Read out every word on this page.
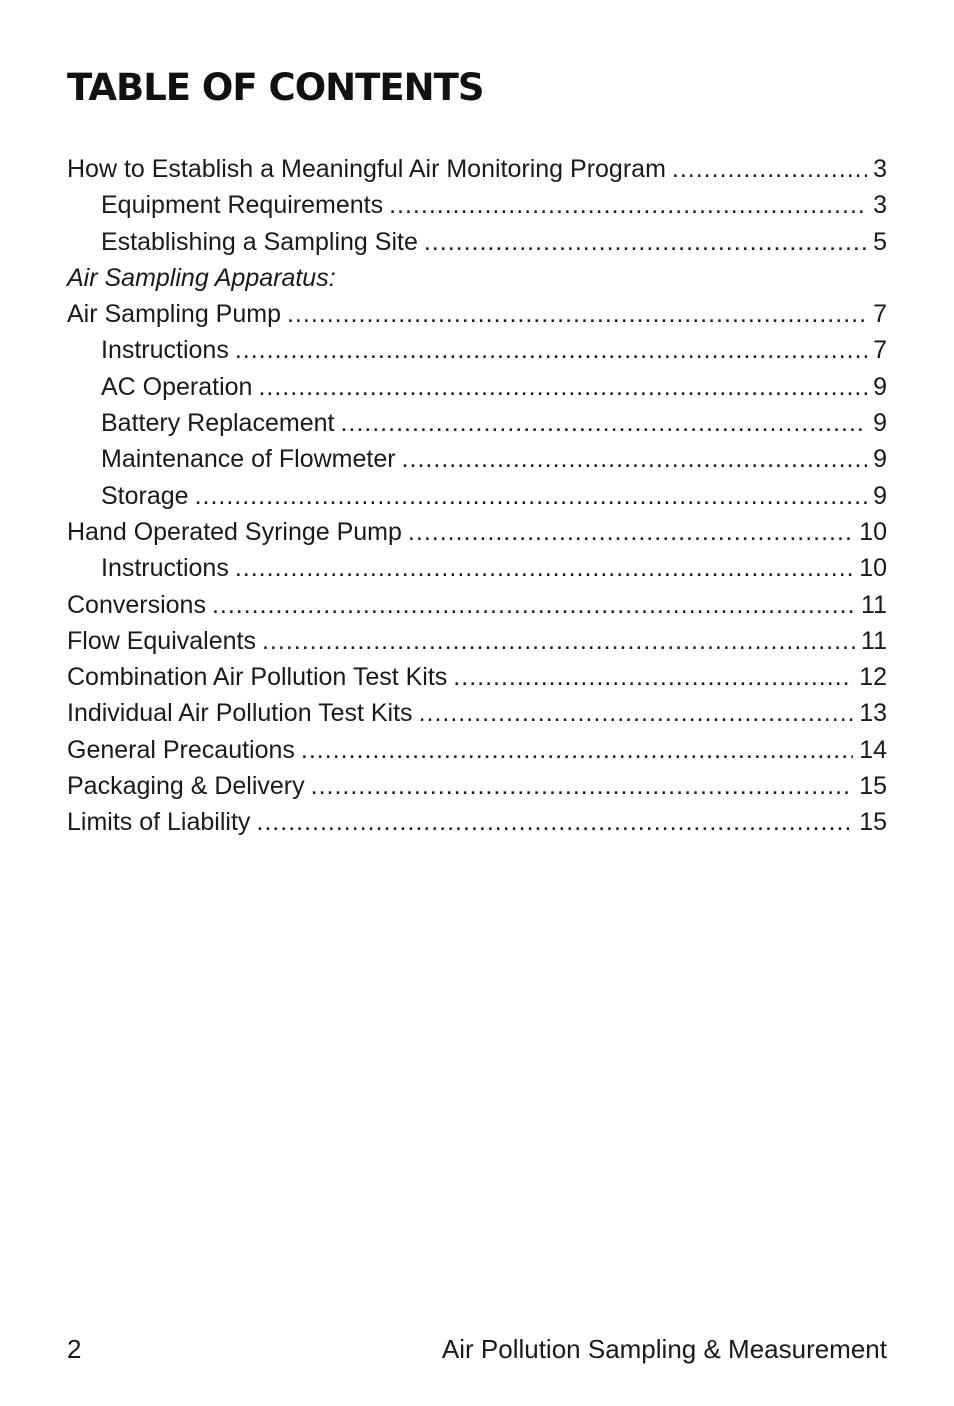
TABLE OF CONTENTS
How to Establish a Meaningful Air Monitoring Program .....	3
Equipment Requirements .....	3
Establishing a Sampling Site .....	5
Air Sampling Apparatus:
Air Sampling Pump .....	7
Instructions .....	7
AC Operation .....	9
Battery Replacement .....	9
Maintenance of Flowmeter .....	9
Storage .....	9
Hand Operated Syringe Pump .....	10
Instructions .....	10
Conversions .....	11
Flow Equivalents .....	11
Combination Air Pollution Test Kits .....	12
Individual Air Pollution Test Kits .....	13
General Precautions .....	14
Packaging & Delivery .....	15
Limits of Liability .....	15

2	Air Pollution Sampling & Measurement
